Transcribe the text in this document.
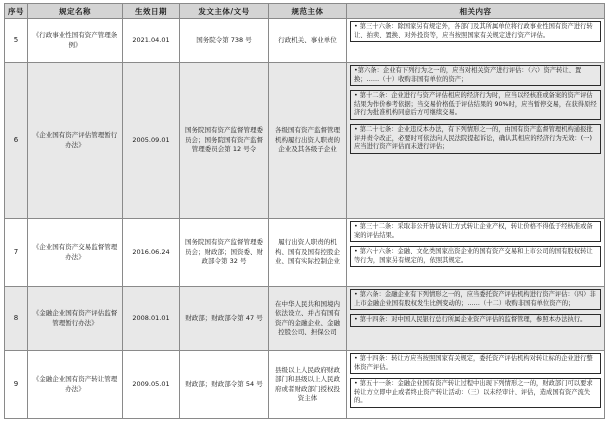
序号	规定名称	生效日期	发文主体/文号	规范主体	相关内容
5	《行政事业性国有资产管理条例》	2021.04.01	国务院令第 738 号	行政机关、事业单位	• 第三十六条：除国家另有规定外，各部门及其所属单位将行政事业性国有资产进行转让、拍卖、置换、对外投资等，应当按照国家有关规定进行资产评估。

6	《企业国有资产评估管理暂行办法》	2005.09.01	国务院国有资产监督管理委员会；国务院国有资产监督管理委员会第 12 号令	各级国有资产监督管理机构履行出资人职责的企业及其各级子企业	•第六条：企业有下列行为之一的，应当对相关资产进行评估：（六）资产转让、置换；……（十）收购非国有单位的资产；
• 第十二条：企业进行与资产评估相应的经济行为时，应当以经核准或备案的资产评估结果为作价参考依据；当交易价格低于评估结果的 90%时，应当暂停交易，在获得原经济行为批准机构同意后方可继续交易。
• 第二十七条：企业违反本办法，有下列情形之一的，由国有资产监督管理机构通报批评并责令改正，必要时可依法向人民法院提起诉讼，确认其相应的经济行为无效：(一)应当进行资产评估而未进行评估；

7	《企业国有资产交易监督管理办法》	2016.06.24	国务院国有资产监督管理委员会；财政部；国资委、财政部令第 32 号	履行出资人职责的机构、国有及国有控股企业、国有实际控制企业	• 第三十二条：采取非公开协议转让方式转让企业产权，转让价格不得低于经核准或备案的评估结果。
• 第六十六条：金融、文化类国家出资企业的国有资产交易和上市公司的国有股权转让等行为，国家另有规定的，依照其规定。

8	《金融企业国有资产评估监督管理暂行办法》	2008.01.01	财政部；财政部令第 47 号	在中华人民共和国境内依法设立、并占有国有资产的金融企业、金融控股公司、担保公司	• 第六条：金融企业有下列情形之一的，应当委托资产评估机构进行资产评估：（四）非上市金融企业国有股权发生比例变动的；……（十二）收购非国有单位资产的；
• 第十四条：对中国人民银行总行所属企业资产评估的监督管理，参照本办法执行。

9	《金融企业国有资产转让管理办法》	2009.05.01	财政部；财政部令第 54 号	县级以上人民政府财政部门和县级以上人民政府或者财政部门授权投资主体	• 第十四条：转让方应当按照国家有关规定，委托资产评估机构对转让标的企业进行整体资产评估。
• 第五十一条：金融企业国有资产转让过程中出现下列情形之一的，财政部门可以要求转让方立即中止或者终止资产转让活动：（三）以未经审计、评估，造成国有资产流失的。
